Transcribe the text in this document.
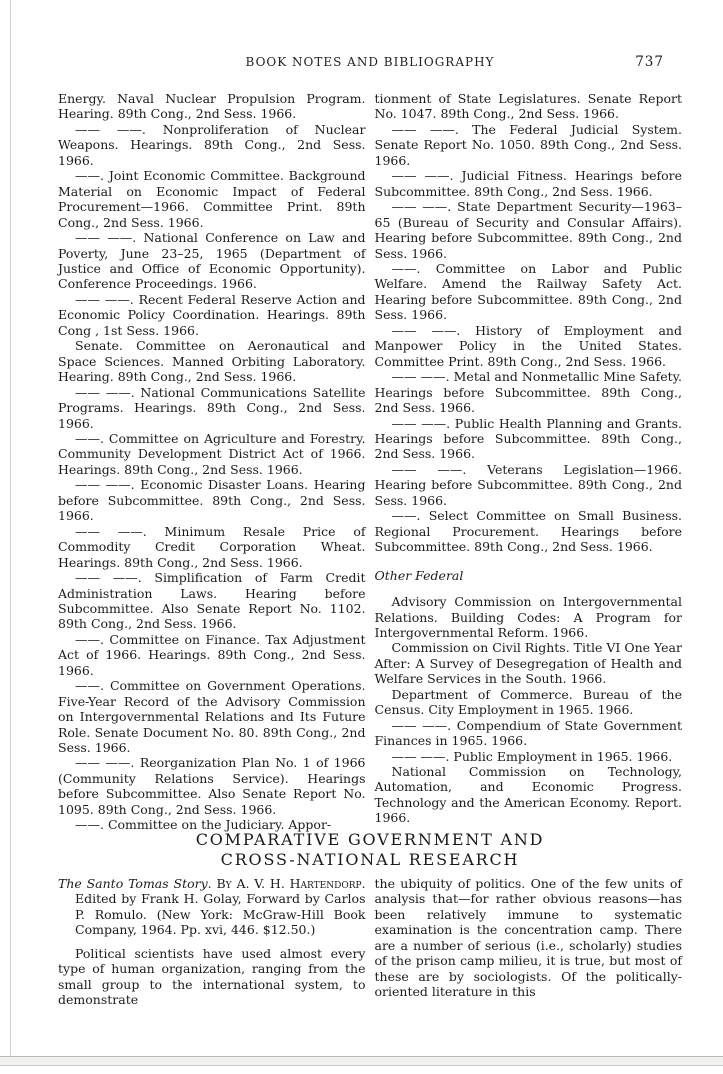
BOOK NOTES AND BIBLIOGRAPHY	737

Energy. Naval Nuclear Propulsion Program. Hearing. 89th Cong., 2nd Sess. 1966.

—— ——. Nonproliferation of Nuclear Weapons. Hearings. 89th Cong., 2nd Sess. 1966.

——. Joint Economic Committee. Background Material on Economic Impact of Federal Procurement—1966. Committee Print. 89th Cong., 2nd Sess. 1966.

—— ——. National Conference on Law and Poverty, June 23–25, 1965 (Department of Justice and Office of Economic Opportunity). Conference Proceedings. 1966.

—— ——. Recent Federal Reserve Action and Economic Policy Coordination. Hearings. 89th Cong , 1st Sess. 1966.

Senate. Committee on Aeronautical and Space Sciences. Manned Orbiting Laboratory. Hearing. 89th Cong., 2nd Sess. 1966.

—— ——. National Communications Satellite Programs. Hearings. 89th Cong., 2nd Sess. 1966.

——. Committee on Agriculture and Forestry. Community Development District Act of 1966. Hearings. 89th Cong., 2nd Sess. 1966.

—— ——. Economic Disaster Loans. Hearing before Subcommittee. 89th Cong., 2nd Sess. 1966.

—— ——. Minimum Resale Price of Commodity Credit Corporation Wheat. Hearings. 89th Cong., 2nd Sess. 1966.

—— ——. Simplification of Farm Credit Administration Laws. Hearing before Subcommittee. Also Senate Report No. 1102. 89th Cong., 2nd Sess. 1966.

——. Committee on Finance. Tax Adjustment Act of 1966. Hearings. 89th Cong., 2nd Sess. 1966.

——. Committee on Government Operations. Five-Year Record of the Advisory Commission on Intergovernmental Relations and Its Future Role. Senate Document No. 80. 89th Cong., 2nd Sess. 1966.

—— ——. Reorganization Plan No. 1 of 1966 (Community Relations Service). Hearings before Subcommittee. Also Senate Report No. 1095. 89th Cong., 2nd Sess. 1966.

——. Committee on the Judiciary. Appor-

tionment of State Legislatures. Senate Report No. 1047. 89th Cong., 2nd Sess. 1966.

—— ——. The Federal Judicial System. Senate Report No. 1050. 89th Cong., 2nd Sess. 1966.

—— ——. Judicial Fitness. Hearings before Subcommittee. 89th Cong., 2nd Sess. 1966.

—— ——. State Department Security—1963–65 (Bureau of Security and Consular Affairs). Hearing before Subcommittee. 89th Cong., 2nd Sess. 1966.

——. Committee on Labor and Public Welfare. Amend the Railway Safety Act. Hearing before Subcommittee. 89th Cong., 2nd Sess. 1966.

—— ——. History of Employment and Manpower Policy in the United States. Committee Print. 89th Cong., 2nd Sess. 1966.

—— ——. Metal and Nonmetallic Mine Safety. Hearings before Subcommittee. 89th Cong., 2nd Sess. 1966.

—— ——. Public Health Planning and Grants. Hearings before Subcommittee. 89th Cong., 2nd Sess. 1966.

—— ——. Veterans Legislation—1966. Hearing before Subcommittee. 89th Cong., 2nd Sess. 1966.

——. Select Committee on Small Business. Regional Procurement. Hearings before Subcommittee. 89th Cong., 2nd Sess. 1966.

Other Federal

Advisory Commission on Intergovernmental Relations. Building Codes: A Program for Intergovernmental Reform. 1966.

Commission on Civil Rights. Title VI One Year After: A Survey of Desegregation of Health and Welfare Services in the South. 1966.

Department of Commerce. Bureau of the Census. City Employment in 1965. 1966.

—— ——. Compendium of State Government Finances in 1965. 1966.

—— ——. Public Employment in 1965. 1966.

National Commission on Technology, Automation, and Economic Progress. Technology and the American Economy. Report. 1966.

COMPARATIVE GOVERNMENT AND
CROSS-NATIONAL RESEARCH

The Santo Tomas Story. By A. V. H. Hartendorp. Edited by Frank H. Golay, Forward by Carlos P. Romulo. (New York: McGraw-Hill Book Company, 1964. Pp. xvi, 446. $12.50.)

Political scientists have used almost every type of human organization, ranging from the small group to the international system, to demonstrate

the ubiquity of politics. One of the few units of analysis that—for rather obvious reasons—has been relatively immune to systematic examination is the concentration camp. There are a number of serious (i.e., scholarly) studies of the prison camp milieu, it is true, but most of these are by sociologists. Of the politically-oriented literature in this
